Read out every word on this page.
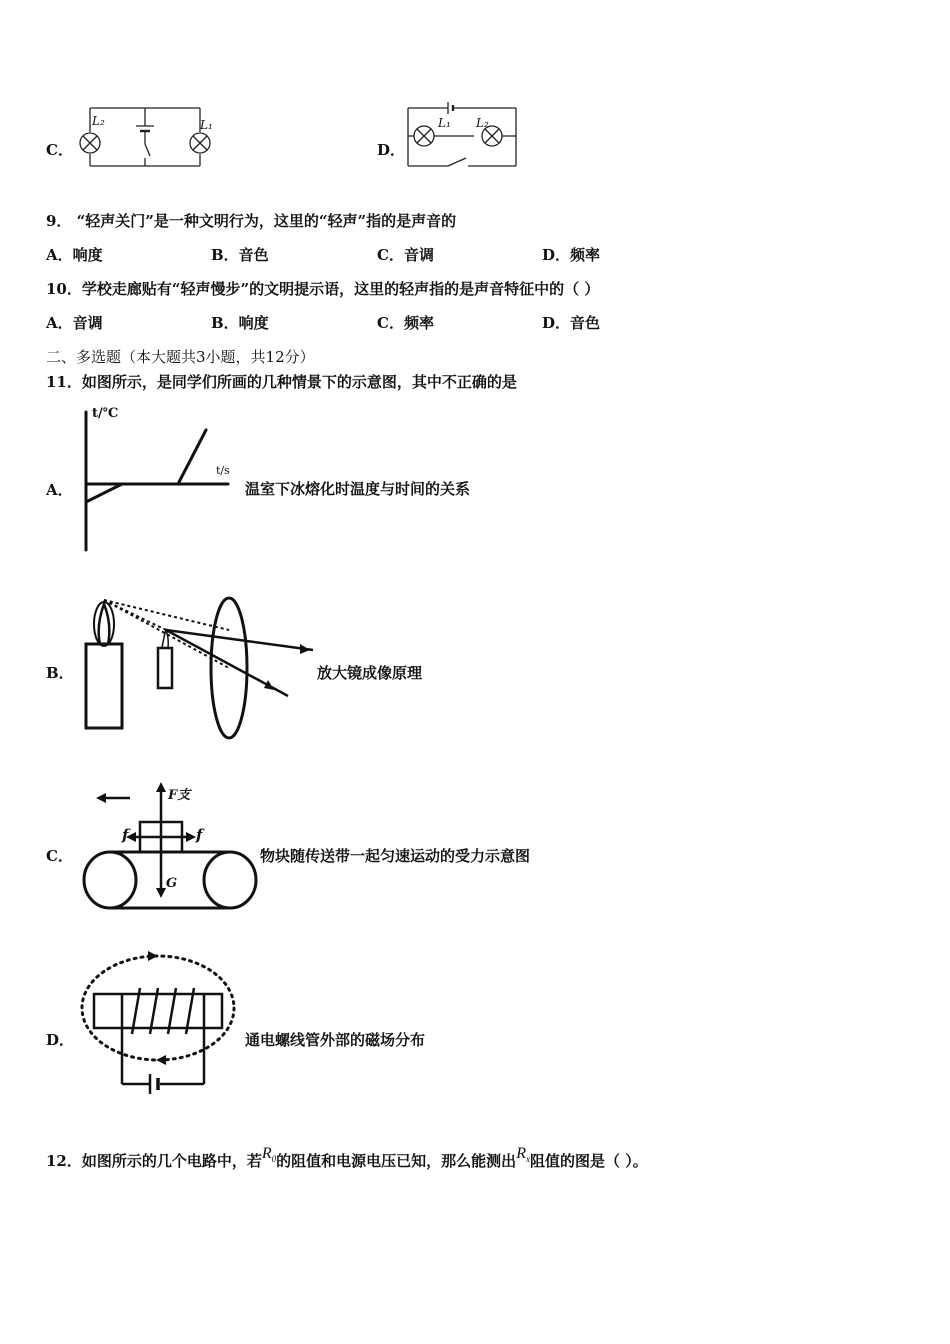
C．
L₂	L₁
D．
L₁ L₂
9． “轻声关门”是一种文明行为，这里的“轻声”指的是声音的
A．响度	B．音色	C．音调	D．频率
10．学校走廊贴有“轻声慢步”的文明提示语，这里的轻声指的是声音特征中的（ ）
A．音调	B．响度	C．频率	D．音色
二、多选题（本大题共3小题，共12分）
11．如图所示，是同学们所画的几种情景下的示意图，其中不正确的是
A．
t/℃
t/s
温室下冰熔化时温度与时间的关系
B．	放大镜成像原理
C．
f	f
F支
G
物块随传送带一起匀速运动的受力示意图
D．	通电螺线管外部的磁场分布
12．如图所示的几个电路中，若$R_0$的阻值和电源电压已知，那么能测出$R_x$阻值的图是（ ）。
